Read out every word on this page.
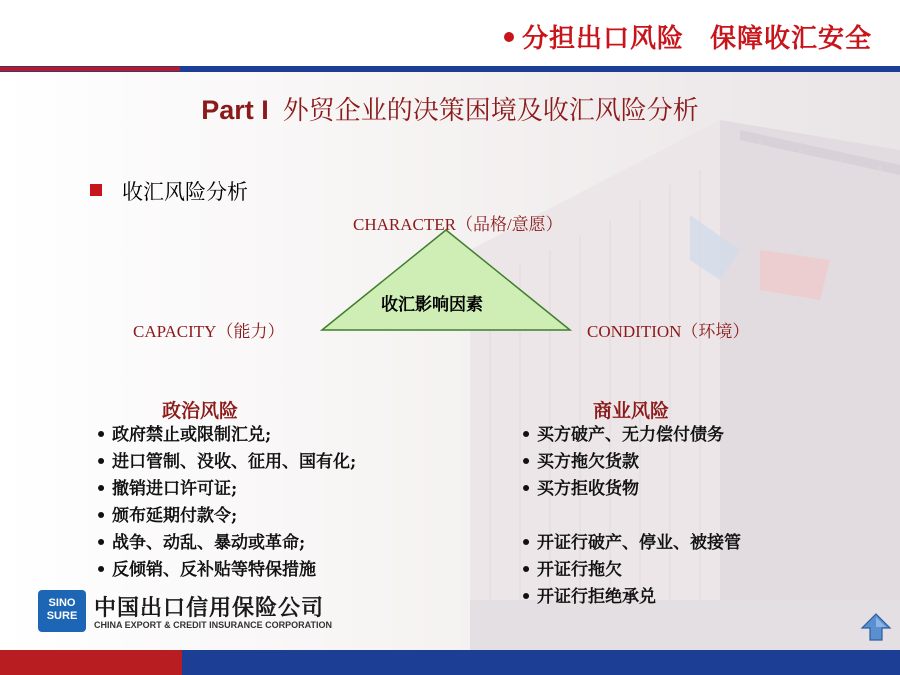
分担出口风险 保障收汇安全
Part I 外贸企业的决策困境及收汇风险分析
收汇风险分析
CHARACTER（品格/意愿）
CAPACITY（能力）	CONDITION（环境）
收汇影响因素
政治风险
• 政府禁止或限制汇兑;
• 进口管制、没收、征用、国有化;
• 撤销进口许可证;
• 颁布延期付款令;
• 战争、动乱、暴动或革命;
• 反倾销、反补贴等特保措施
商业风险
• 买方破产、无力偿付债务
• 买方拖欠货款
• 买方拒收货物
• 开证行破产、停业、被接管
• 开证行拖欠
• 开证行拒绝承兑
SINO
SURE 中国出口信用保险公司
CHINA EXPORT & CREDIT INSURANCE CORPORATION
